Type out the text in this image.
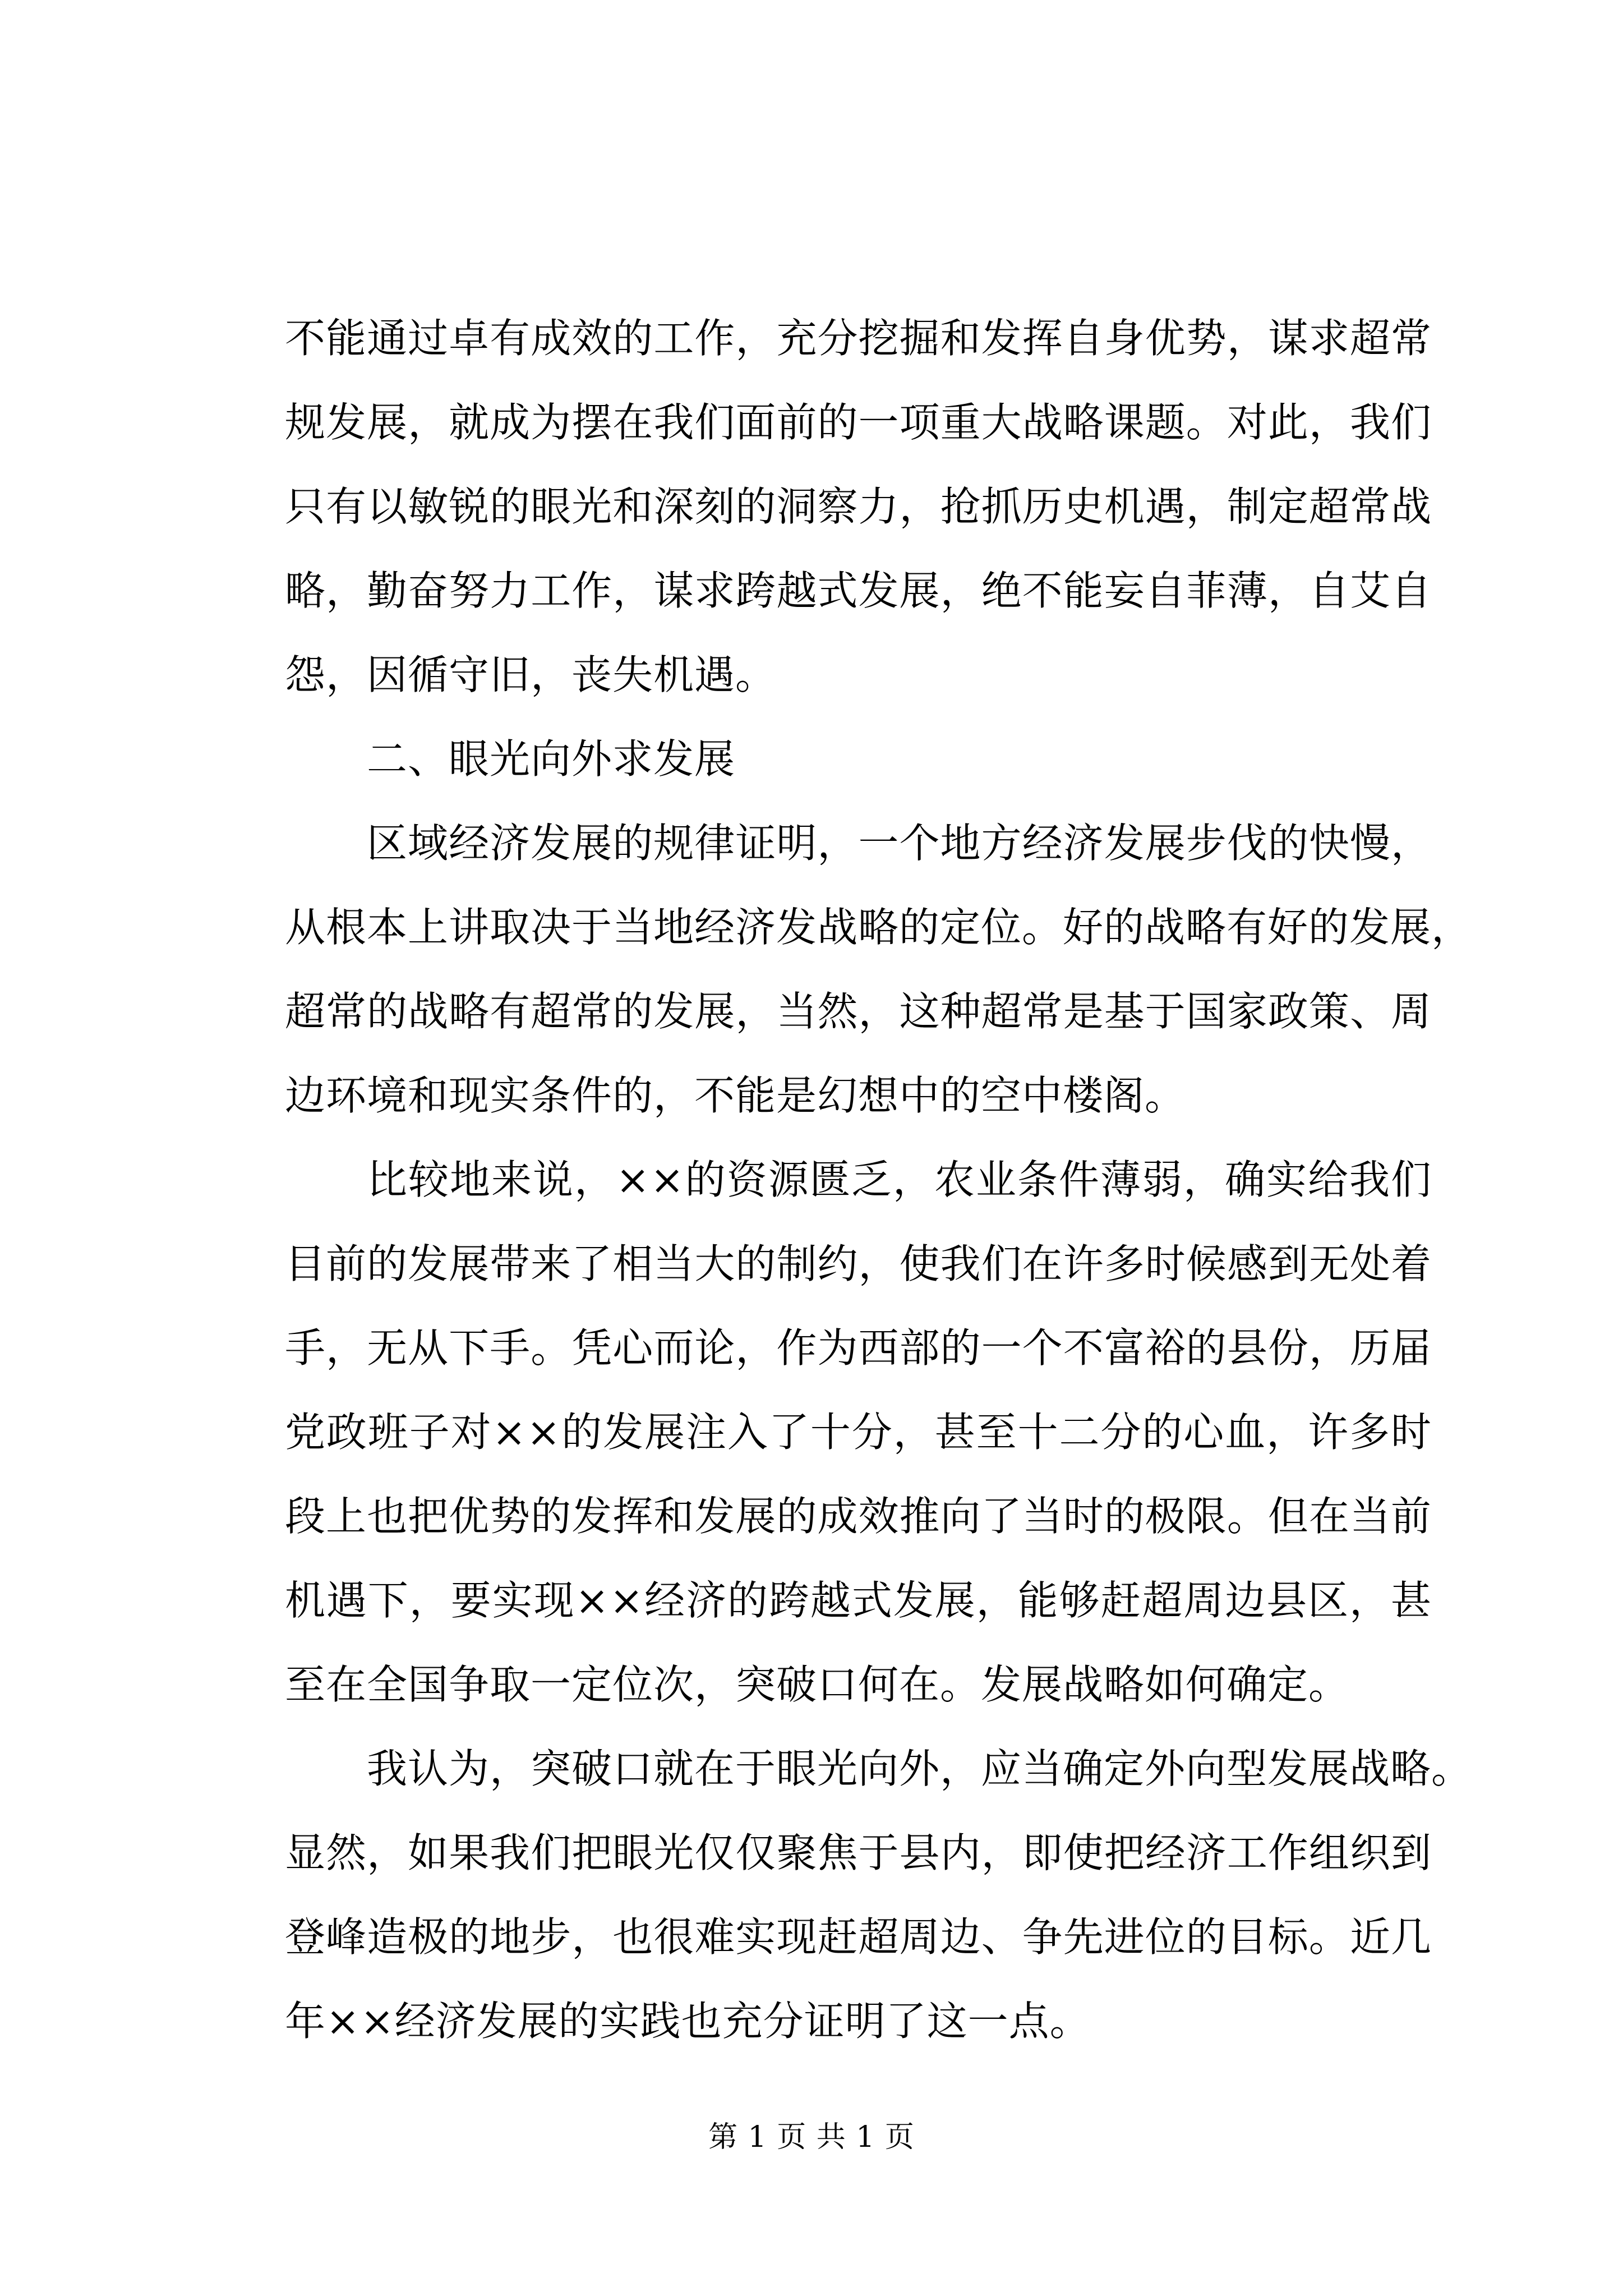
不能通过卓有成效的工作，充分挖掘和发挥自身优势，谋求超常
规发展，就成为摆在我们面前的一项重大战略课题。对此，我们
只有以敏锐的眼光和深刻的洞察力，抢抓历史机遇，制定超常战
略，勤奋努力工作，谋求跨越式发展，绝不能妄自菲薄，自艾自
怨，因循守旧，丧失机遇。
二、眼光向外求发展
区域经济发展的规律证明，一个地方经济发展步伐的快慢，
从根本上讲取决于当地经济发战略的定位。好的战略有好的发展，
超常的战略有超常的发展，当然，这种超常是基于国家政策、周
边环境和现实条件的，不能是幻想中的空中楼阁。
比较地来说，××的资源匮乏，农业条件薄弱，确实给我们
目前的发展带来了相当大的制约，使我们在许多时候感到无处着
手，无从下手。凭心而论，作为西部的一个不富裕的县份，历届
党政班子对××的发展注入了十分，甚至十二分的心血，许多时
段上也把优势的发挥和发展的成效推向了当时的极限。但在当前
机遇下，要实现××经济的跨越式发展，能够赶超周边县区，甚
至在全国争取一定位次，突破口何在。发展战略如何确定。
我认为，突破口就在于眼光向外，应当确定外向型发展战略。
显然，如果我们把眼光仅仅聚焦于县内，即使把经济工作组织到
登峰造极的地步，也很难实现赶超周边、争先进位的目标。近几
年××经济发展的实践也充分证明了这一点。
第 1 页 共 1 页
